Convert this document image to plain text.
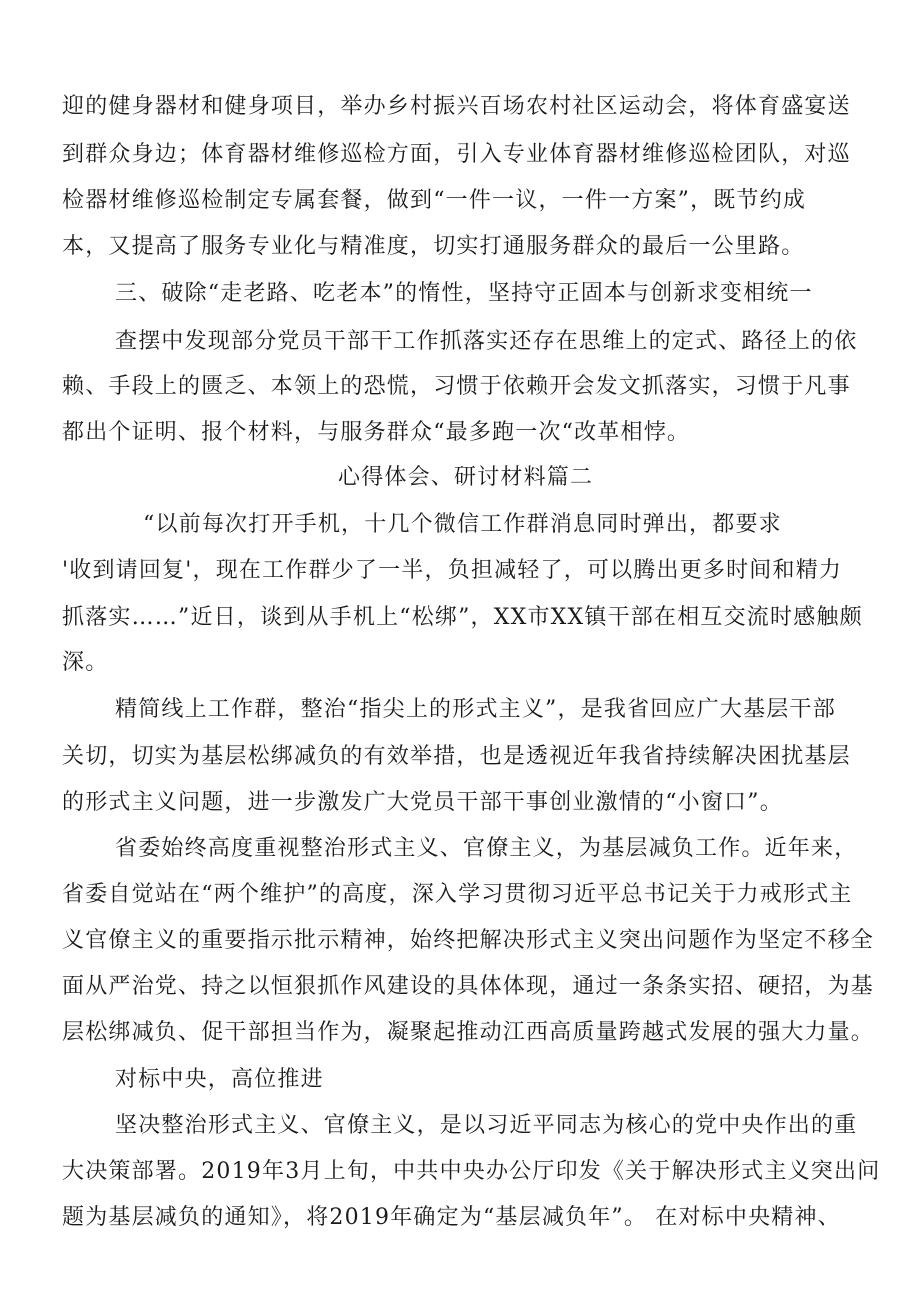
迎的健身器材和健身项目，举办乡村振兴百场农村社区运动会，将体育盛宴送
到群众身边；体育器材维修巡检方面，引入专业体育器材维修巡检团队，对巡
检器材维修巡检制定专属套餐，做到“一件一议，一件一方案”，既节约成
本，又提高了服务专业化与精准度，切实打通服务群众的最后一公里路。
三、破除“走老路、吃老本”的惰性，坚持守正固本与创新求变相统一
查摆中发现部分党员干部干工作抓落实还存在思维上的定式、路径上的依
赖、手段上的匮乏、本领上的恐慌，习惯于依赖开会发文抓落实，习惯于凡事
都出个证明、报个材料，与服务群众“最多跑一次“改革相悖。
心得体会、研讨材料篇二
“以前每次打开手机，十几个微信工作群消息同时弹出，都要求
'收到请回复'，现在工作群少了一半，负担减轻了，可以腾出更多时间和精力
抓落实……”近日，谈到从手机上“松绑”，XX市XX镇干部在相互交流时感触颇
深。
精简线上工作群，整治“指尖上的形式主义”，是我省回应广大基层干部
关切，切实为基层松绑减负的有效举措，也是透视近年我省持续解决困扰基层
的形式主义问题，进一步激发广大党员干部干事创业激情的“小窗口”。
省委始终高度重视整治形式主义、官僚主义，为基层减负工作。近年来，
省委自觉站在“两个维护”的高度，深入学习贯彻习近平总书记关于力戒形式主
义官僚主义的重要指示批示精神，始终把解决形式主义突出问题作为坚定不移全
面从严治党、持之以恒狠抓作风建设的具体体现，通过一条条实招、硬招，为基
层松绑减负、促干部担当作为，凝聚起推动江西高质量跨越式发展的强大力量。
对标中央，高位推进
坚决整治形式主义、官僚主义，是以习近平同志为核心的党中央作出的重
大决策部署。2019年3月上旬，中共中央办公厅印发《关于解决形式主义突出问
题为基层减负的通知》，将2019年确定为“基层减负年”。 在对标中央精神、
